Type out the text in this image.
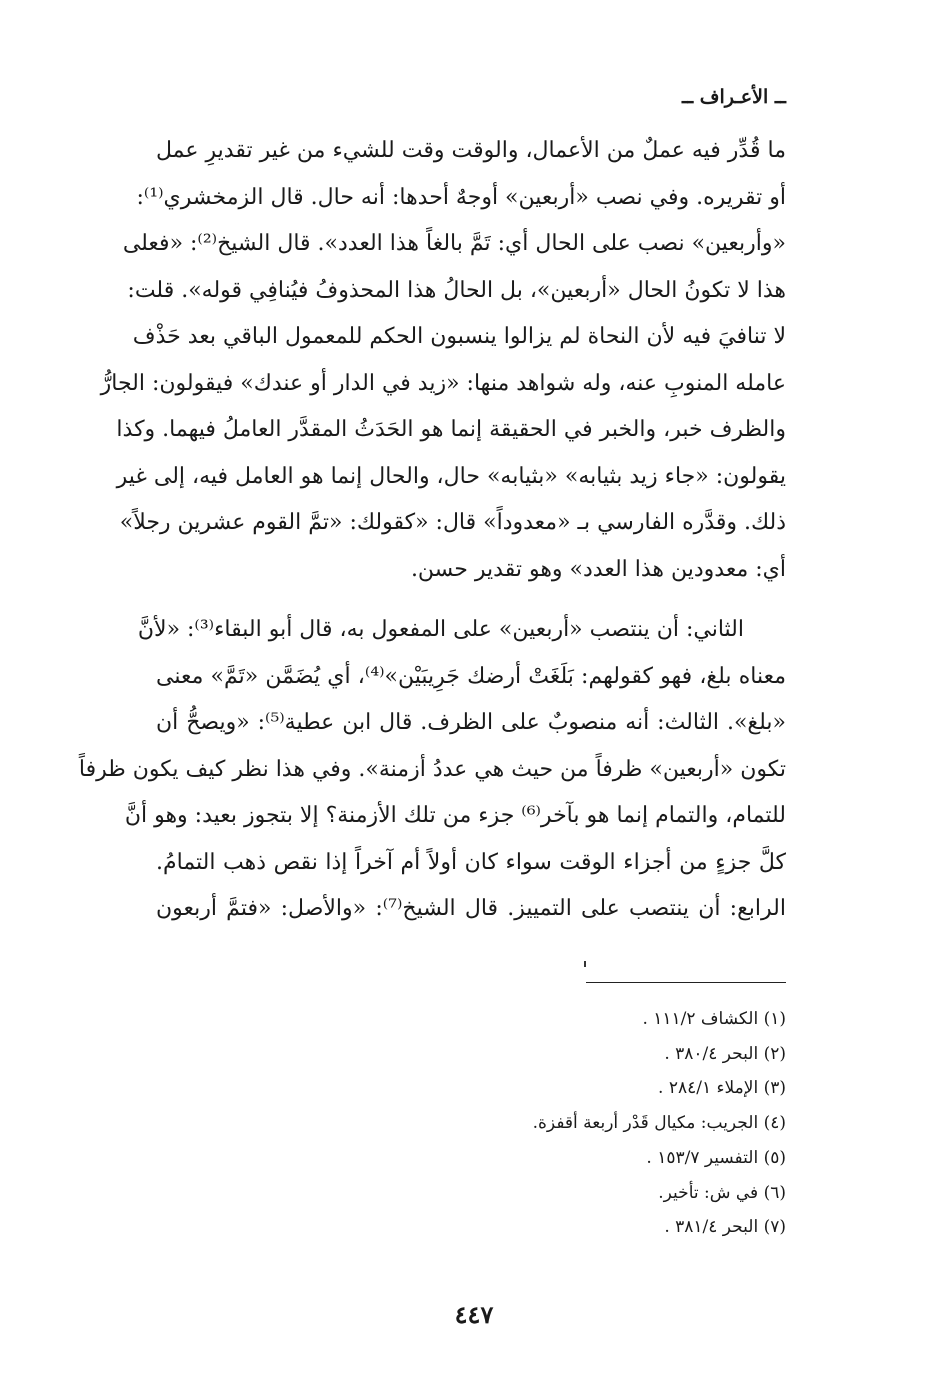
ــ الأعـراف ــ
ما قُدِّر فيه عملٌ من الأعمال، والوقت وقت للشيء من غير تقديرِ عمل
أو تقريره. وفي نصب «أربعين» أوجهٌ أحدها: أنه حال. قال الزمخشري⁽¹⁾:
«وأربعين» نصب على الحال أي: تَمَّ بالغاً هذا العدد». قال الشيخ⁽²⁾: «فعلى
هذا لا تكونُ الحال «أربعين»، بل الحالُ هذا المحذوفُ فيُنافِي قوله». قلت:
لا تنافيَ فيه لأن النحاة لم يزالوا ينسبون الحكم للمعمول الباقي بعد حَذْف
عامله المنوبِ عنه، وله شواهد منها: «زيد في الدار أو عندك» فيقولون: الجارُّ
والظرف خبر، والخبر في الحقيقة إنما هو الحَدَثُ المقدَّر العاملُ فيهما. وكذا
يقولون: «جاء زيد بثيابه» «بثيابه» حال، والحال إنما هو العامل فيه، إلى غير
ذلك. وقدَّره الفارسي بـ «معدوداً» قال: «كقولك: «تمَّ القوم عشرين رجلاً»
أي: معدودين هذا العدد» وهو تقدير حسن.
الثاني: أن ينتصب «أربعين» على المفعول به، قال أبو البقاء⁽³⁾: «لأنَّ
معناه بلغ، فهو كقولهم: بَلَغَتْ أرضك جَرِيبَيْن»⁽⁴⁾، أي يُضَمَّن «تَمَّ» معنى
«بلغ». الثالث: أنه منصوبٌ على الظرف. قال ابن عطية⁽⁵⁾: «ويصحُّ أن
تكون «أربعين» ظرفاً من حيث هي عددُ أزمنة». وفي هذا نظر كيف يكون ظرفاً
للتمام، والتمام إنما هو بآخر⁽⁶⁾ جزء من تلك الأزمنة؟ إلا بتجوز بعيد: وهو أنَّ
كلَّ جزءٍ من أجزاء الوقت سواء كان أولاً أم آخراً إذا نقص ذهب التمامُ.
الرابع: أن ينتصب على التمييز. قال الشيخ⁽⁷⁾: «والأصل: «فتمَّ أربعون
(١) الكشاف ١١١/٢ .
(٢) البحر ٣٨٠/٤ .
(٣) الإملاء ٢٨٤/١ .
(٤) الجريب: مكيال قَدْر أربعة أقفزة.
(٥) التفسير ١٥٣/٧ .
(٦) في ش: تأخير.
(٧) البحر ٣٨١/٤ .
٤٤٧
